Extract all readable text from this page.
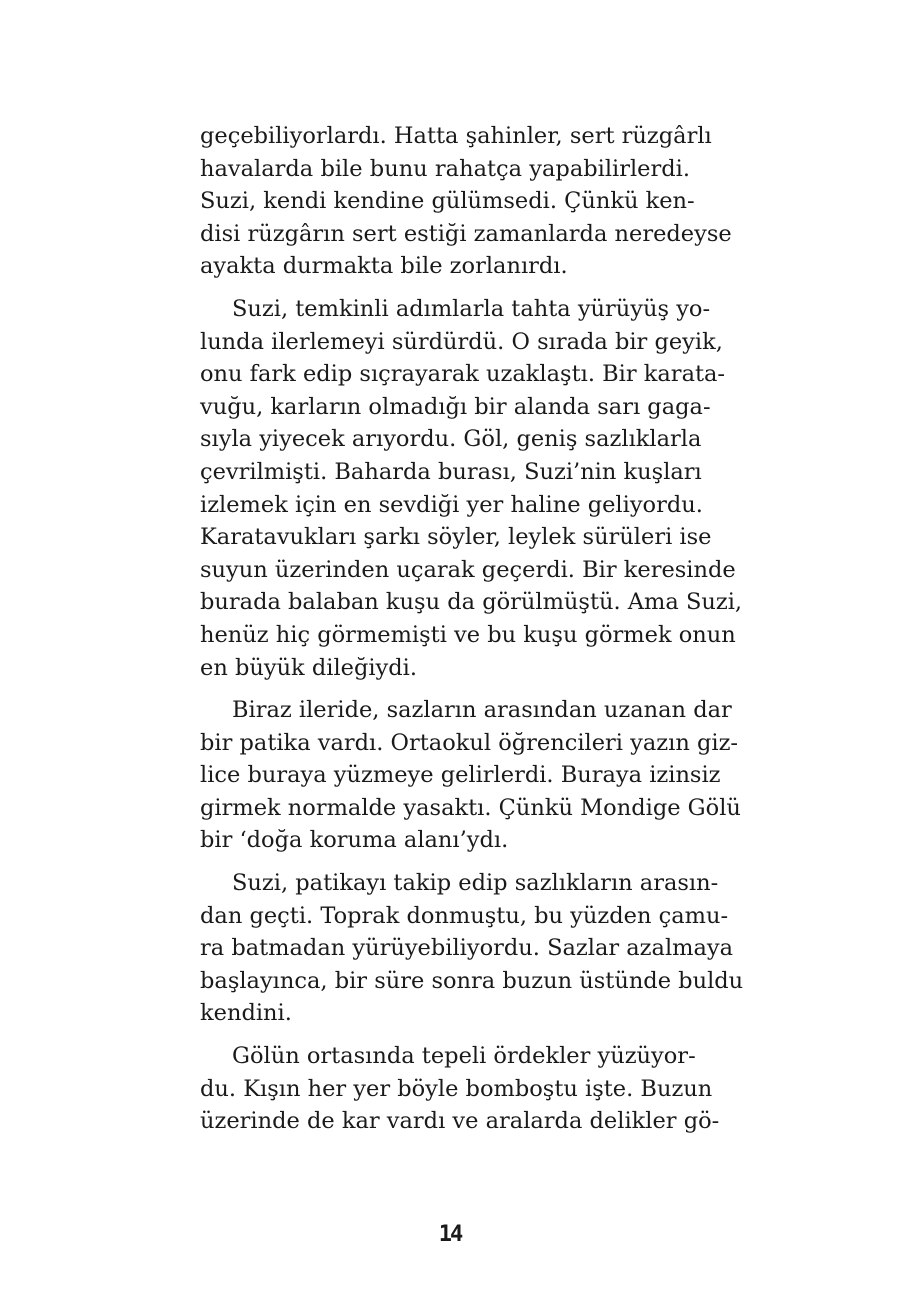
geçebiliyorlardı. Hatta şahinler, sert rüzgârlı
havalarda bile bunu rahatça yapabilirlerdi.
Suzi, kendi kendine gülümsedi. Çünkü ken-
disi rüzgârın sert estiği zamanlarda neredeyse
ayakta durmakta bile zorlanırdı.
Suzi, temkinli adımlarla tahta yürüyüş yo-
lunda ilerlemeyi sürdürdü. O sırada bir geyik,
onu fark edip sıçrayarak uzaklaştı. Bir karata-
vuğu, karların olmadığı bir alanda sarı gaga-
sıyla yiyecek arıyordu. Göl, geniş sazlıklarla
çevrilmişti. Baharda burası, Suzi’nin kuşları
izlemek için en sevdiği yer haline geliyordu.
Karatavukları şarkı söyler, leylek sürüleri ise
suyun üzerinden uçarak geçerdi. Bir keresinde
burada balaban kuşu da görülmüştü. Ama Suzi,
henüz hiç görmemişti ve bu kuşu görmek onun
en büyük dileğiydi.
Biraz ileride, sazların arasından uzanan dar
bir patika vardı. Ortaokul öğrencileri yazın giz-
lice buraya yüzmeye gelirlerdi. Buraya izinsiz
girmek normalde yasaktı. Çünkü Mondige Gölü
bir ‘doğa koruma alanı’ydı.
Suzi, patikayı takip edip sazlıkların arasın-
dan geçti. Toprak donmuştu, bu yüzden çamu-
ra batmadan yürüyebiliyordu. Sazlar azalmaya
başlayınca, bir süre sonra buzun üstünde buldu
kendini.
Gölün ortasında tepeli ördekler yüzüyor-
du. Kışın her yer böyle bomboştu işte. Buzun
üzerinde de kar vardı ve aralarda delikler gö-
14
